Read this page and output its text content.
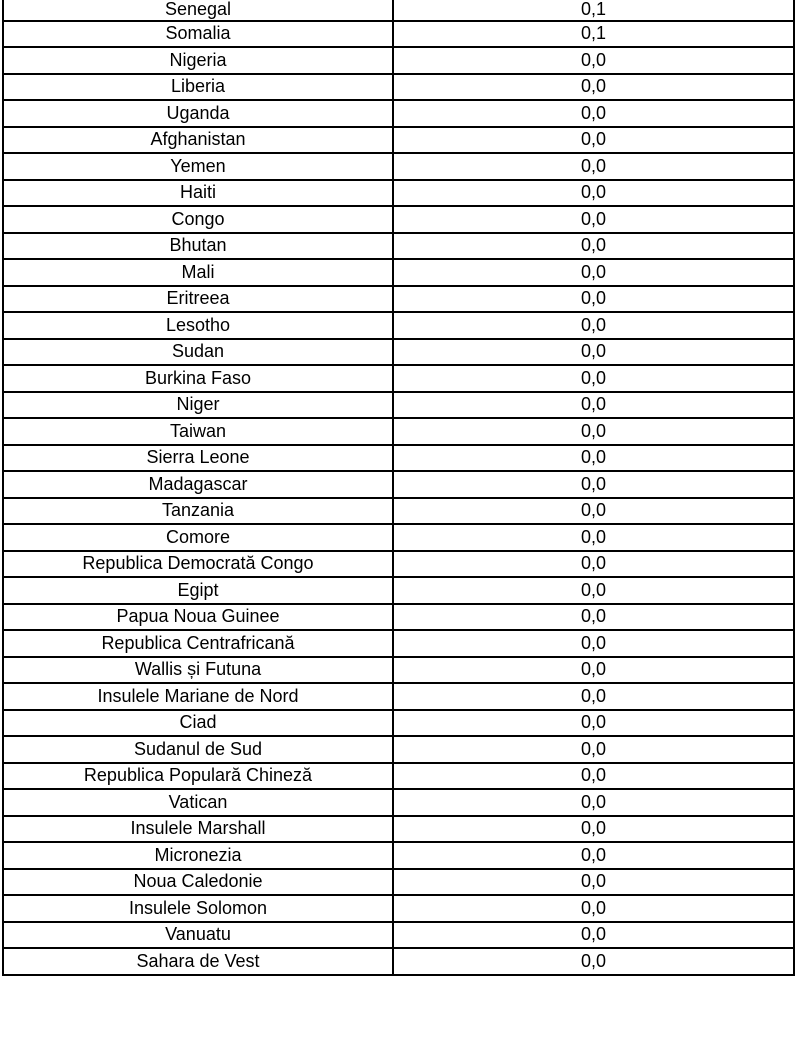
Senegal	0,1
Somalia	0,1
Nigeria	0,0
Liberia	0,0
Uganda	0,0
Afghanistan	0,0
Yemen	0,0
Haiti	0,0
Congo	0,0
Bhutan	0,0
Mali	0,0
Eritreea	0,0
Lesotho	0,0
Sudan	0,0
Burkina Faso	0,0
Niger	0,0
Taiwan	0,0
Sierra Leone	0,0
Madagascar	0,0
Tanzania	0,0
Comore	0,0
Republica Democrată Congo	0,0
Egipt	0,0
Papua Noua Guinee	0,0
Republica Centrafricană	0,0
Wallis și Futuna	0,0
Insulele Mariane de Nord	0,0
Ciad	0,0
Sudanul de Sud	0,0
Republica Populară Chineză	0,0
Vatican	0,0
Insulele Marshall	0,0
Micronezia	0,0
Noua Caledonie	0,0
Insulele Solomon	0,0
Vanuatu	0,0
Sahara de Vest	0,0
